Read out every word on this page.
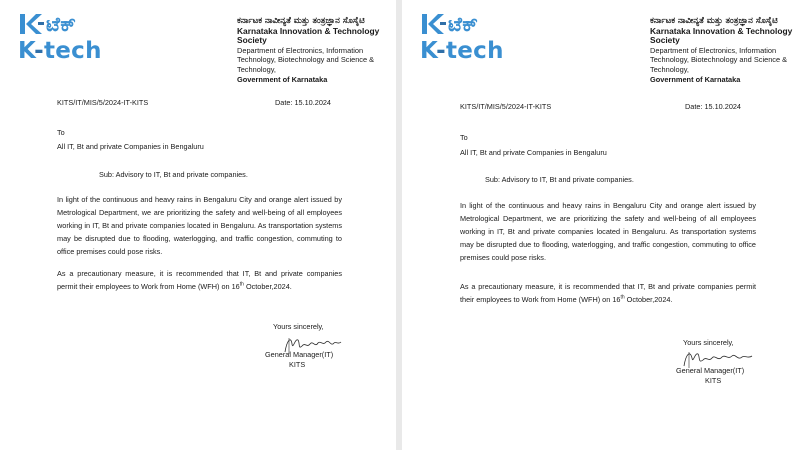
ಟೆಕ್
K-tech
ಕರ್ನಾಟಕ ನಾವೀನ್ಯತೆ ಮತ್ತು ತಂತ್ರಜ್ಞಾನ ಸೊಸೈಟಿ
Karnataka Innovation & Technology Society
Department of Electronics, Information Technology, Biotechnology and Science & Technology,
Government of Karnataka
KITS/IT/MIS/5/2024-IT-KITS	Date: 15.10.2024
To
All IT, Bt and private Companies in Bengaluru
Sub: Advisory to IT, Bt and private companies.
In light of the continuous and heavy rains in Bengaluru City and orange alert issued by Metrological Department, we are prioritizing the safety and well-being of all employees working in IT, Bt and private companies located in Bengaluru. As transportation systems may be disrupted due to flooding, waterlogging, and traffic congestion, commuting to office premises could pose risks.
As a precautionary measure, it is recommended that IT, Bt and private companies permit their employees to Work from Home (WFH) on 16th October,2024.
Yours sincerely,
General Manager(IT)
KITS
ಟೆಕ್
K-tech
ಕರ್ನಾಟಕ ನಾವೀನ್ಯತೆ ಮತ್ತು ತಂತ್ರಜ್ಞಾನ ಸೊಸೈಟಿ
Karnataka Innovation & Technology Society
Department of Electronics, Information Technology, Biotechnology and Science & Technology,
Government of Karnataka
KITS/IT/MIS/5/2024-IT-KITS	Date: 15.10.2024
To
All IT, Bt and private Companies in Bengaluru
Sub: Advisory to IT, Bt and private companies.
In light of the continuous and heavy rains in Bengaluru City and orange alert issued by Metrological Department, we are prioritizing the safety and well-being of all employees working in IT, Bt and private companies located in Bengaluru. As transportation systems may be disrupted due to flooding, waterlogging, and traffic congestion, commuting to office premises could pose risks.
As a precautionary measure, it is recommended that IT, Bt and private companies permit their employees to Work from Home (WFH) on 16th October,2024.
Yours sincerely,
General Manager(IT)
KITS
